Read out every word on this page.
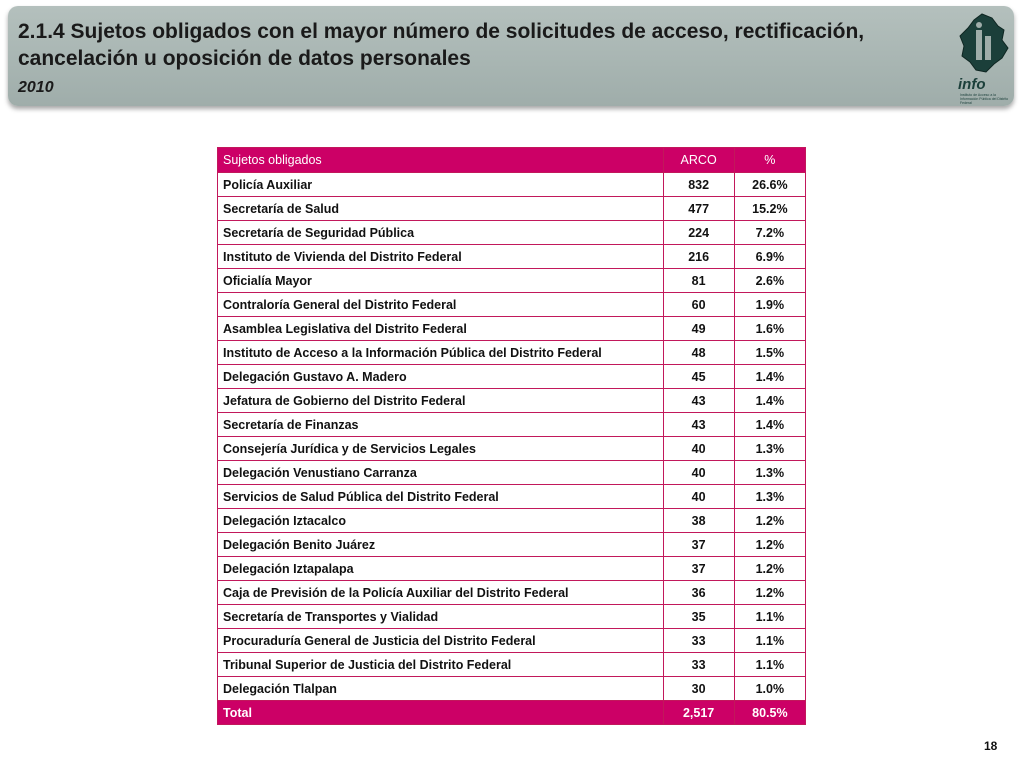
2.1.4 Sujetos obligados con el mayor número de solicitudes de acceso, rectificación, cancelación u oposición de datos personales
2010	info
Instituto de Acceso a la Información Pública del Distrito Federal
Sujetos obligados	ARCO	%
Policía Auxiliar	832	26.6%
Secretaría de Salud	477	15.2%
Secretaría de Seguridad Pública	224	7.2%
Instituto de Vivienda del Distrito Federal	216	6.9%
Oficialía Mayor	81	2.6%
Contraloría General del Distrito Federal	60	1.9%
Asamblea Legislativa del Distrito Federal	49	1.6%
Instituto de Acceso a la Información Pública del Distrito Federal	48	1.5%
Delegación Gustavo A. Madero	45	1.4%
Jefatura de Gobierno del Distrito Federal	43	1.4%
Secretaría de Finanzas	43	1.4%
Consejería Jurídica y de Servicios Legales	40	1.3%
Delegación Venustiano Carranza	40	1.3%
Servicios de Salud Pública del Distrito Federal	40	1.3%
Delegación Iztacalco	38	1.2%
Delegación Benito Juárez	37	1.2%
Delegación Iztapalapa	37	1.2%
Caja de Previsión de la Policía Auxiliar del Distrito Federal	36	1.2%
Secretaría de Transportes y Vialidad	35	1.1%
Procuraduría General de Justicia del Distrito Federal	33	1.1%
Tribunal Superior de Justicia del Distrito Federal	33	1.1%
Delegación Tlalpan	30	1.0%
Total	2,517	80.5%
18
